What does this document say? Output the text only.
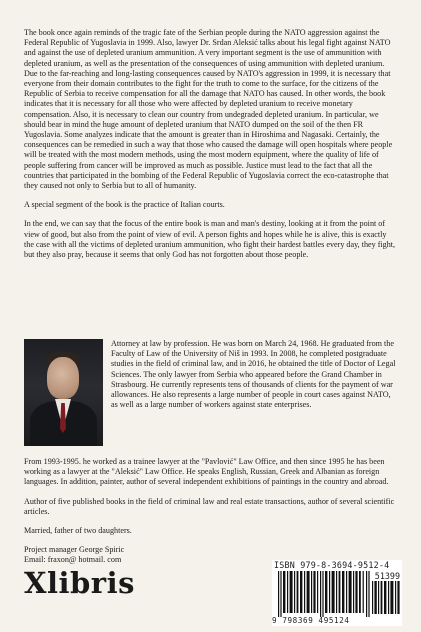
The book once again reminds of the tragic fate of the Serbian people during the NATO aggression against the Federal Republic of Yugoslavia in 1999. Also, lawyer Dr. Srdan Aleksić talks about his legal fight against NATO and against the use of depleted uranium ammunition. A very important segment is the use of ammunition with depleted uranium, as well as the presentation of the consequences of using ammunition with depleted uranium. Due to the far-reaching and long-lasting consequences caused by NATO's aggression in 1999, it is necessary that everyone from their domain contributes to the fight for the truth to come to the surface, for the citizens of the Republic of Serbia to receive compensation for all the damage that NATO has caused. In other words, the book indicates that it is necessary for all those who were affected by depleted uranium to receive monetary compensation. Also, it is necessary to clean our country from undegraded depleted uranium. In particular, we should bear in mind the huge amount of depleted uranium that NATO dumped on the soil of the then FR Yugoslavia. Some analyzes indicate that the amount is greater than in Hiroshima and Nagasaki. Certainly, the consequences can be remedied in such a way that those who caused the damage will open hospitals where people will be treated with the most modern methods, using the most modern equipment, where the quality of life of people suffering from cancer will be improved as much as possible. Justice must lead to the fact that all the countries that participated in the bombing of the Federal Republic of Yugoslavia correct the eco-catastrophe that they caused not only to Serbia but to all of humanity.

A special segment of the book is the practice of Italian courts.

In the end, we can say that the focus of the entire book is man and man's destiny, looking at it from the point of view of good, but also from the point of view of evil. A person fights and hopes while he is alive, this is exactly the case with all the victims of depleted uranium ammunition, who fight their hardest battles every day, they fight, but they also pray, because it seems that only God has not forgotten about those people.

Attorney at law by profession. He was born on March 24, 1968. He graduated from the Faculty of Law of the University of Niš in 1993. In 2008, he completed postgraduate studies in the field of criminal law, and in 2016, he obtained the title of Doctor of Legal Sciences. The only lawyer from Serbia who appeared before the Grand Chamber in Strasbourg. He currently represents tens of thousands of clients for the payment of war allowances. He also represents a large number of people in court cases against NATO, as well as a large number of workers against state enterprises.

From 1993-1995. he worked as a trainee lawyer at the "Pavlović" Law Office, and then since 1995 he has been working as a lawyer at the "Aleksić" Law Office. He speaks English, Russian, Greek and Albanian as foreign languages. In addition, painter, author of several independent exhibitions of paintings in the country and abroad.

Author of five published books in the field of criminal law and real estate transactions, author of several scientific articles.

Married, father of two daughters.

Project manager George Spiric
Email: fraxon@ hotmail. com

Xlibris
ISBN 979-8-3694-9512-4
51399
9 798369 495124
